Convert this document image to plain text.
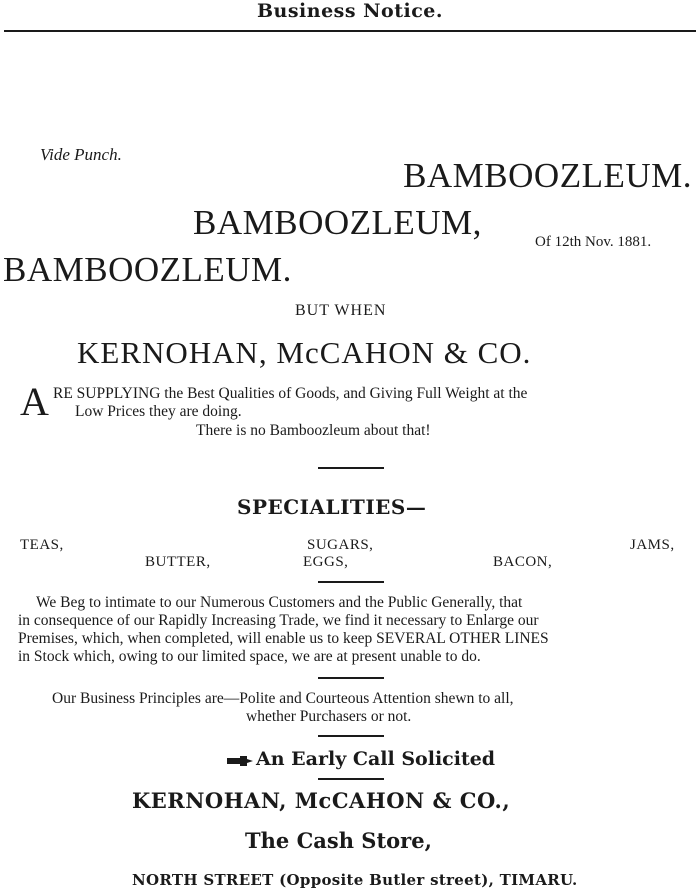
Business Notice.
Vide Punch.
BAMBOOZLEUM.
BAMBOOZLEUM,	Of 12th Nov. 1881.
BAMBOOZLEUM.
BUT WHEN
KERNOHAN, McCAHON & CO.
A RE SUPPLYING the Best Qualities of Goods, and Giving Full Weight at the
Low Prices they are doing.
There is no Bamboozleum about that!
SPECIALITIES—
TEAS,	SUGARS,	JAMS,
BUTTER,	EGGS,	BACON,
We Beg to intimate to our Numerous Customers and the Public Generally, that
in consequence of our Rapidly Increasing Trade, we find it necessary to Enlarge our
Premises, which, when completed, will enable us to keep SEVERAL OTHER LINES
in Stock which, owing to our limited space, we are at present unable to do.
Our Business Principles are—Polite and Courteous Attention shewn to all,
whether Purchasers or not.
An Early Call Solicited
KERNOHAN, McCAHON & CO.,
The Cash Store,
NORTH STREET (Opposite Butler street), TIMARU.
